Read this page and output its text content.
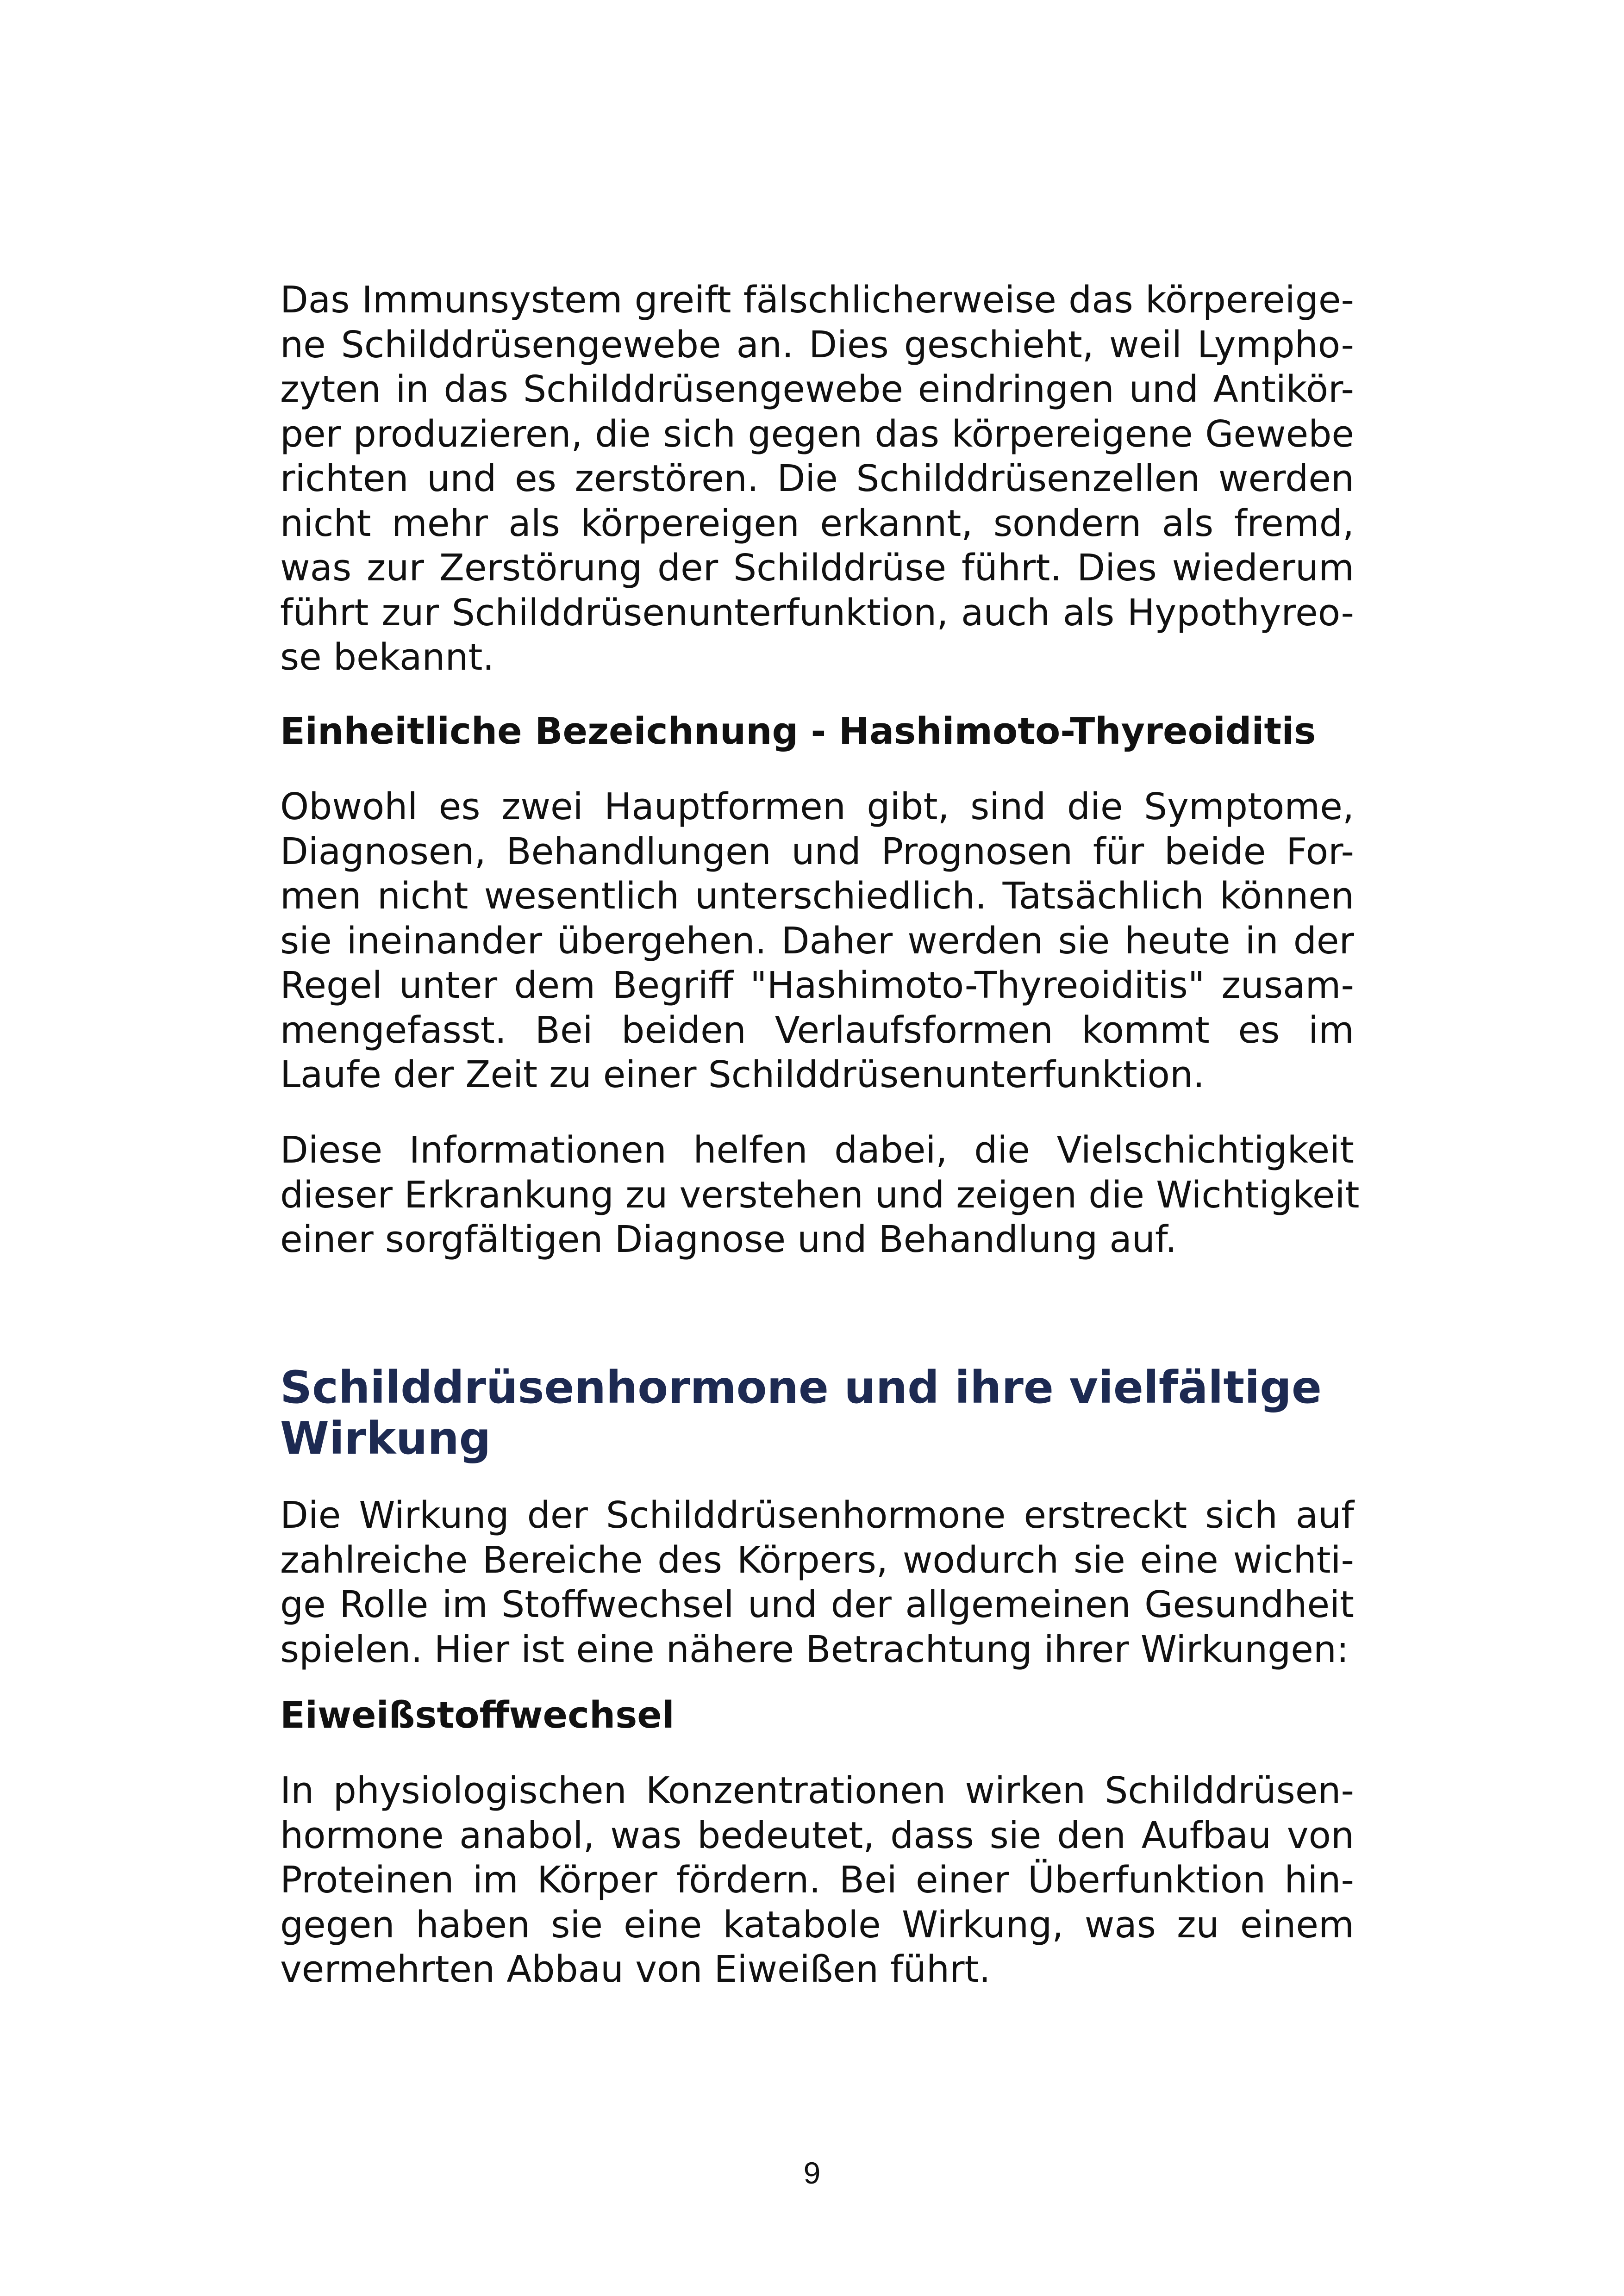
Das Immunsystem greift fälschlicherweise das körpereige-
ne Schilddrüsengewebe an. Dies geschieht, weil Lympho-
zyten in das Schilddrüsengewebe eindringen und Antikör-
per produzieren, die sich gegen das körpereigene Gewebe
richten und es zerstören. Die Schilddrüsenzellen werden
nicht mehr als körpereigen erkannt, sondern als fremd,
was zur Zerstörung der Schilddrüse führt. Dies wiederum
führt zur Schilddrüsenunterfunktion, auch als Hypothyreo-
se bekannt.
Einheitliche Bezeichnung - Hashimoto-Thyreoiditis
Obwohl es zwei Hauptformen gibt, sind die Symptome,
Diagnosen, Behandlungen und Prognosen für beide For-
men nicht wesentlich unterschiedlich. Tatsächlich können
sie ineinander übergehen. Daher werden sie heute in der
Regel unter dem Begriff "Hashimoto-Thyreoiditis" zusam-
mengefasst. Bei beiden Verlaufsformen kommt es im
Laufe der Zeit zu einer Schilddrüsenunterfunktion.
Diese Informationen helfen dabei, die Vielschichtigkeit
dieser Erkrankung zu verstehen und zeigen die Wichtigkeit
einer sorgfältigen Diagnose und Behandlung auf.
Schilddrüsenhormone und ihre vielfältige
Wirkung
Die Wirkung der Schilddrüsenhormone erstreckt sich auf
zahlreiche Bereiche des Körpers, wodurch sie eine wichti-
ge Rolle im Stoffwechsel und der allgemeinen Gesundheit
spielen. Hier ist eine nähere Betrachtung ihrer Wirkungen:
Eiweißstoffwechsel
In physiologischen Konzentrationen wirken Schilddrüsen-
hormone anabol, was bedeutet, dass sie den Aufbau von
Proteinen im Körper fördern. Bei einer Überfunktion hin-
gegen haben sie eine katabole Wirkung, was zu einem
vermehrten Abbau von Eiweißen führt.
9
